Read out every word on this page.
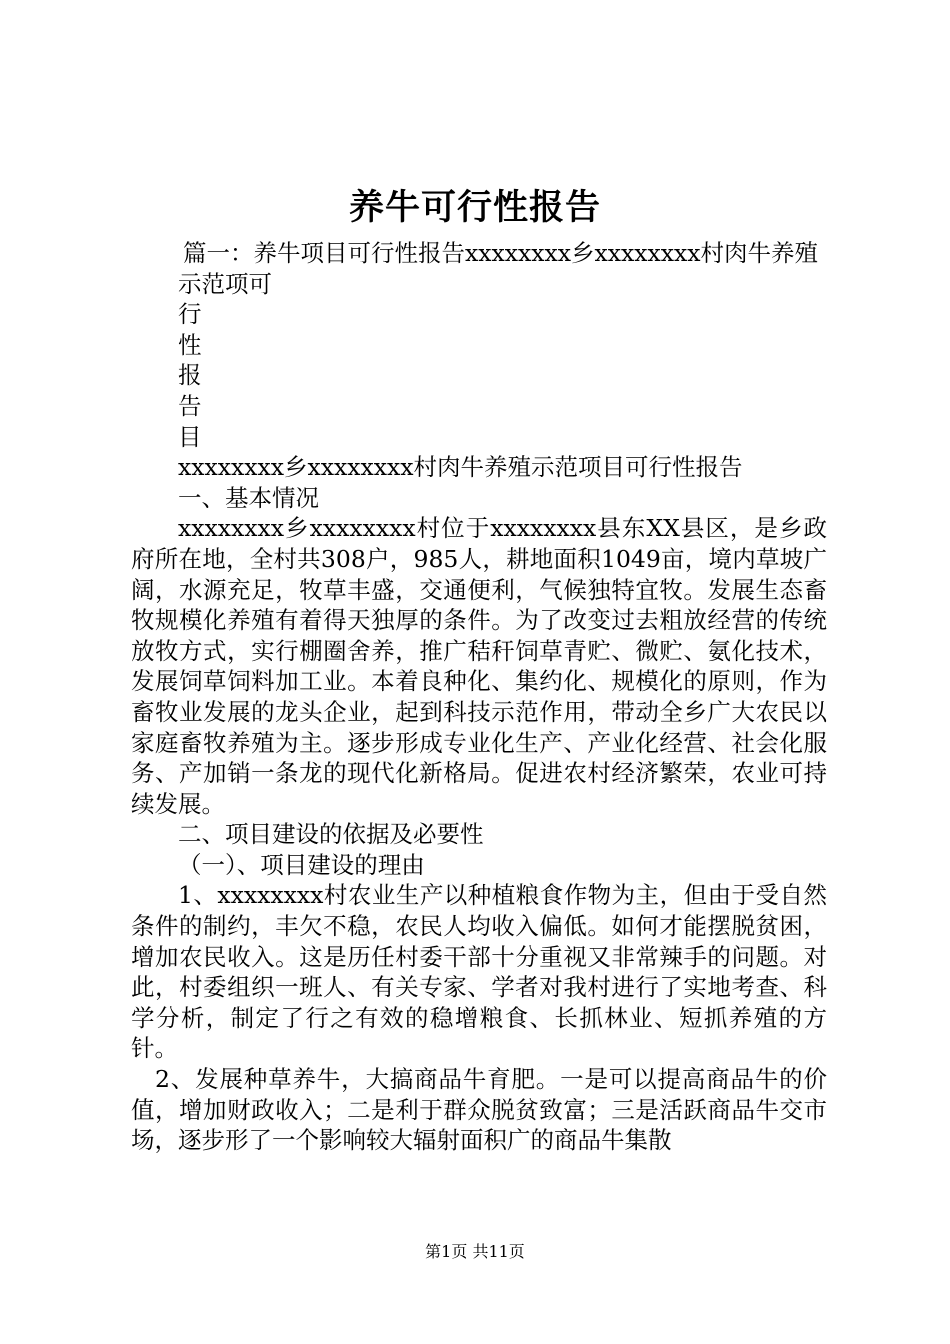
养牛可行性报告

篇一：养牛项目可行性报告xxxxxxxx乡xxxxxxxx村肉牛养殖

示范项可

行

性

报

告

目

xxxxxxxx乡xxxxxxxx村肉牛养殖示范项目可行性报告

一、基本情况

xxxxxxxx乡xxxxxxxx村位于xxxxxxxx县东XX县区，是乡政府所在地，全村共308户，985人，耕地面积1049亩，境内草坡广阔，水源充足，牧草丰盛，交通便利，气候独特宜牧。发展生态畜牧规模化养殖有着得天独厚的条件。为了改变过去粗放经营的传统放牧方式，实行棚圈舍养，推广秸秆饲草青贮、微贮、氨化技术，发展饲草饲料加工业。本着良种化、集约化、规模化的原则，作为畜牧业发展的龙头企业，起到科技示范作用，带动全乡广大农民以家庭畜牧养殖为主。逐步形成专业化生产、产业化经营、社会化服务、产加销一条龙的现代化新格局。促进农村经济繁荣，农业可持续发展。

二、项目建设的依据及必要性

（一）、项目建设的理由

1、xxxxxxxx村农业生产以种植粮食作物为主，但由于受自然条件的制约，丰欠不稳，农民人均收入偏低。如何才能摆脱贫困，增加农民收入。这是历任村委干部十分重视又非常辣手的问题。对此，村委组织一班人、有关专家、学者对我村进行了实地考查、科学分析，制定了行之有效的稳增粮食、长抓林业、短抓养殖的方针。

2、发展种草养牛，大搞商品牛育肥。一是可以提高商品牛的价值，增加财政收入；二是利于群众脱贫致富；三是活跃商品牛交市场，逐步形了一个影响较大辐射面积广的商品牛集散

第1页 共11页
